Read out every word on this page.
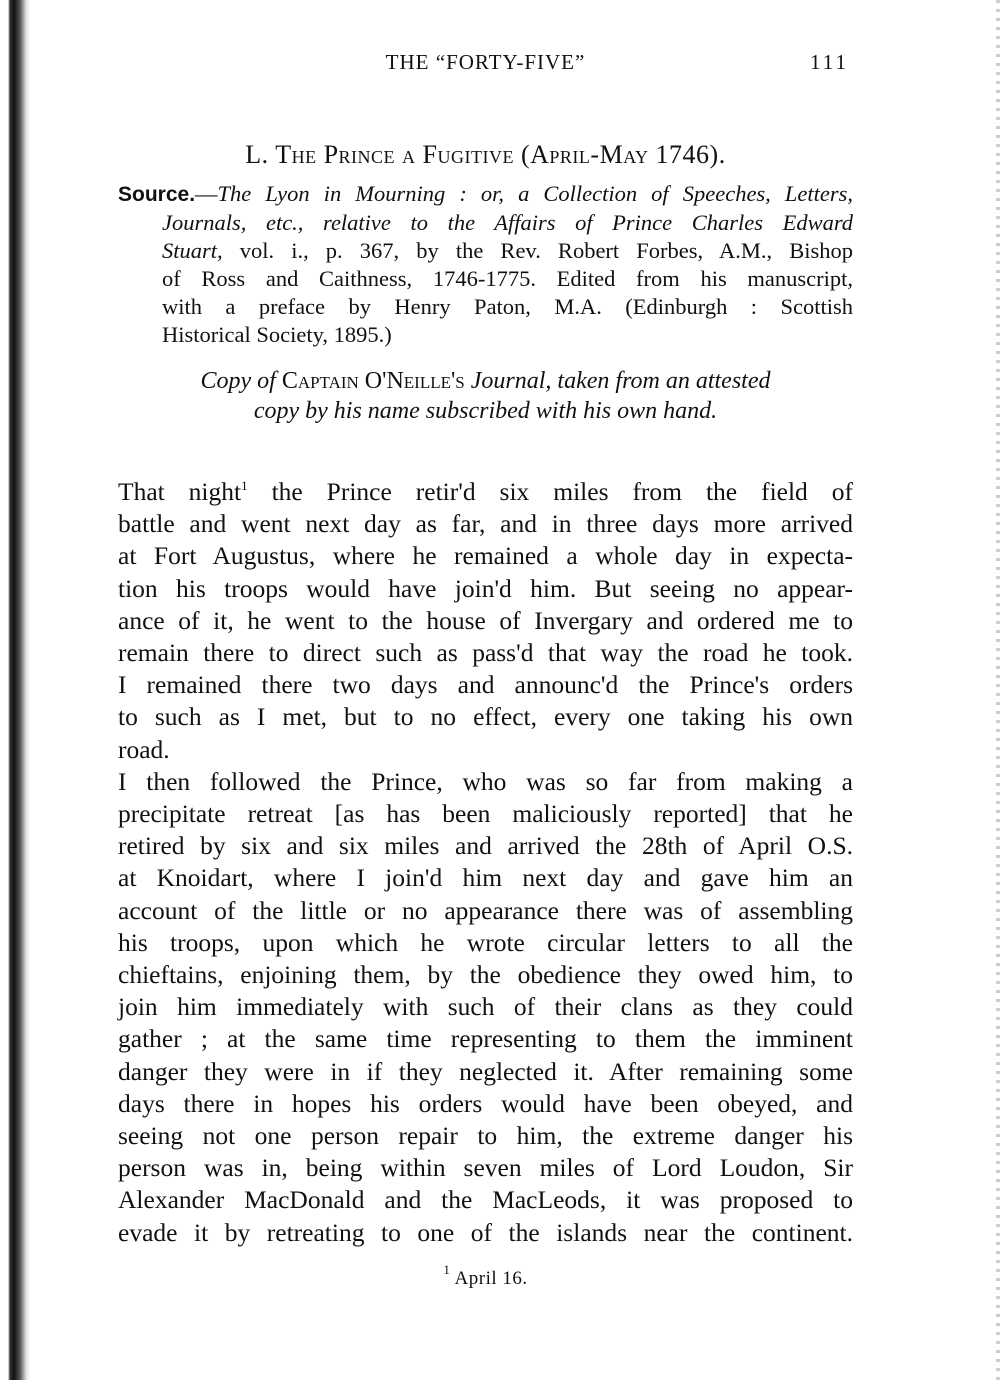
THE “FORTY-FIVE”	111
L. The Prince a Fugitive (April-May 1746).
Source.—The Lyon in Mourning : or, a Collection of Speeches, Letters,
Journals, etc., relative to the Affairs of Prince Charles Edward
Stuart, vol. i., p. 367, by the Rev. Robert Forbes, A.M., Bishop
of Ross and Caithness, 1746-1775. Edited from his manuscript,
with a preface by Henry Paton, M.A. (Edinburgh : Scottish
Historical Society, 1895.)
Copy of Captain O'Neille's Journal, taken from an attested
copy by his name subscribed with his own hand.
That night$^1$ the Prince retir'd six miles from the field of
battle and went next day as far, and in three days more arrived
at Fort Augustus, where he remained a whole day in expecta-
tion his troops would have join'd him. But seeing no appear-
ance of it, he went to the house of Invergary and ordered me to
remain there to direct such as pass'd that way the road he took.
I remained there two days and announc'd the Prince's orders
to such as I met, but to no effect, every one taking his own
road.
I then followed the Prince, who was so far from making a
precipitate retreat [as has been maliciously reported] that he
retired by six and six miles and arrived the 28th of April O.S.
at Knoidart, where I join'd him next day and gave him an
account of the little or no appearance there was of assembling
his troops, upon which he wrote circular letters to all the
chieftains, enjoining them, by the obedience they owed him, to
join him immediately with such of their clans as they could
gather ; at the same time representing to them the imminent
danger they were in if they neglected it. After remaining some
days there in hopes his orders would have been obeyed, and
seeing not one person repair to him, the extreme danger his
person was in, being within seven miles of Lord Loudon, Sir
Alexander MacDonald and the MacLeods, it was proposed to
evade it by retreating to one of the islands near the continent.
$^1$ April 16.
